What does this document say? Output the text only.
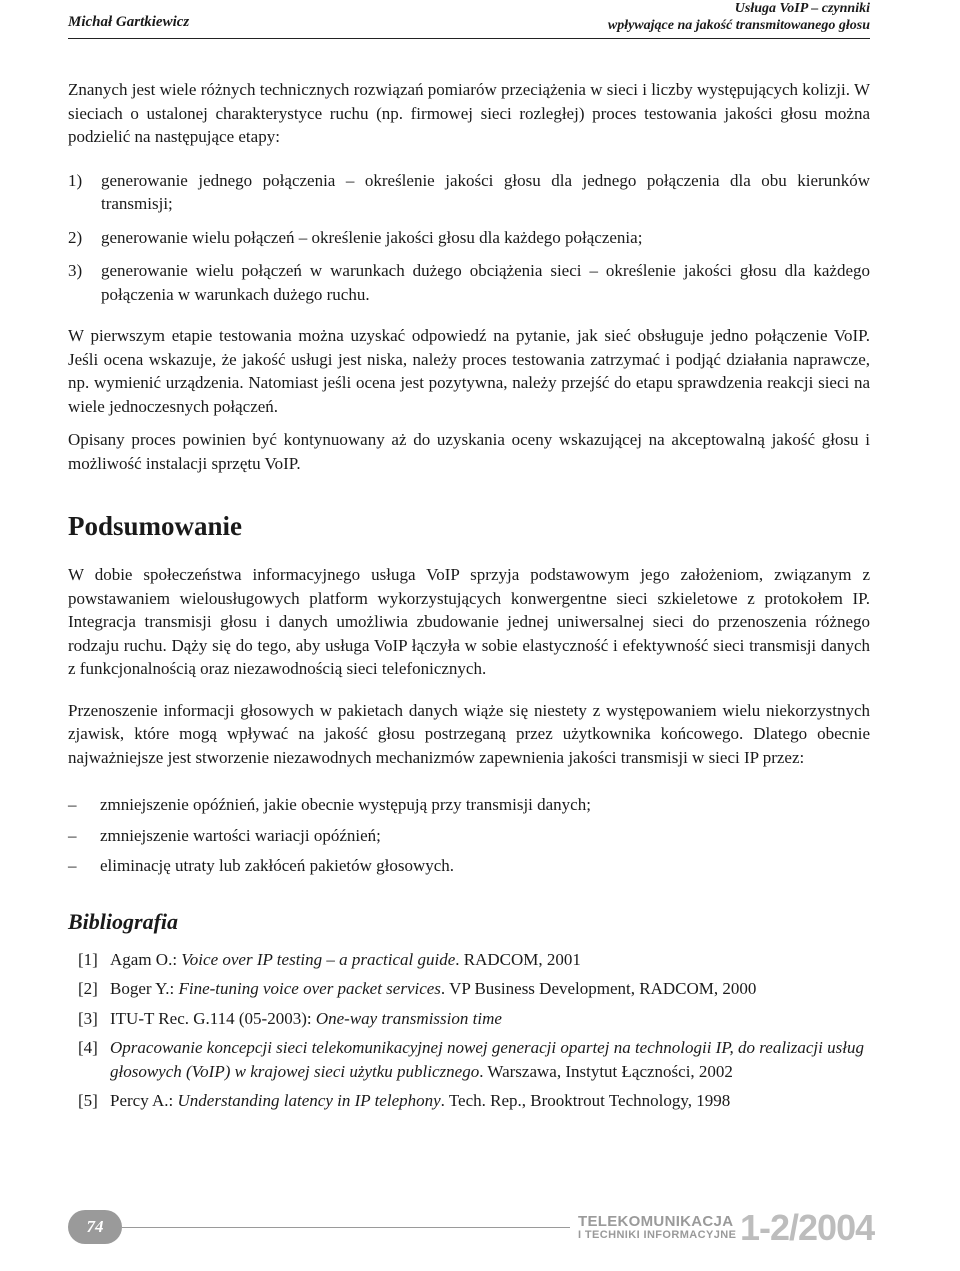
Michał Gartkiewicz
Usługa VoIP – czynniki
wpływające na jakość transmitowanego głosu

Znanych jest wiele różnych technicznych rozwiązań pomiarów przeciążenia w sieci i liczby występujących kolizji. W sieciach o ustalonej charakterystyce ruchu (np. firmowej sieci rozległej) proces testowania jakości głosu można podzielić na następujące etapy:

1)	generowanie jednego połączenia – określenie jakości głosu dla jednego połączenia dla obu kierunków transmisji;
2)	generowanie wielu połączeń – określenie jakości głosu dla każdego połączenia;
3)	generowanie wielu połączeń w warunkach dużego obciążenia sieci – określenie jakości głosu dla każdego połączenia w warunkach dużego ruchu.

W pierwszym etapie testowania można uzyskać odpowiedź na pytanie, jak sieć obsługuje jedno połączenie VoIP. Jeśli ocena wskazuje, że jakość usługi jest niska, należy proces testowania zatrzymać i podjąć działania naprawcze, np. wymienić urządzenia. Natomiast jeśli ocena jest pozytywna, należy przejść do etapu sprawdzenia reakcji sieci na wiele jednoczesnych połączeń.

Opisany proces powinien być kontynuowany aż do uzyskania oceny wskazującej na akceptowalną jakość głosu i możliwość instalacji sprzętu VoIP.

Podsumowanie

W dobie społeczeństwa informacyjnego usługa VoIP sprzyja podstawowym jego założeniom, związanym z powstawaniem wielousługowych platform wykorzystujących konwergentne sieci szkieletowe z protokołem IP. Integracja transmisji głosu i danych umożliwia zbudowanie jednej uniwersalnej sieci do przenoszenia różnego rodzaju ruchu. Dąży się do tego, aby usługa VoIP łączyła w sobie elastyczność i efektywność sieci transmisji danych z funkcjonalnością oraz niezawodnością sieci telefonicznych.

Przenoszenie informacji głosowych w pakietach danych wiąże się niestety z występowaniem wielu niekorzystnych zjawisk, które mogą wpływać na jakość głosu postrzeganą przez użytkownika końcowego. Dlatego obecnie najważniejsze jest stworzenie niezawodnych mechanizmów zapewnienia jakości transmisji w sieci IP przez:

–	zmniejszenie opóźnień, jakie obecnie występują przy transmisji danych;
–	zmniejszenie wartości wariacji opóźnień;
–	eliminację utraty lub zakłóceń pakietów głosowych.
Bibliografia
[1] Agam O.: Voice over IP testing – a practical guide. RADCOM, 2001
[2] Boger Y.: Fine-tuning voice over packet services. VP Business Development, RADCOM, 2000
[3] ITU-T Rec. G.114 (05-2003): One-way transmission time
[4] Opracowanie koncepcji sieci telekomunikacyjnej nowej generacji opartej na technologii IP, do realizacji usług głosowych (VoIP) w krajowej sieci użytku publicznego. Warszawa, Instytut Łączności, 2002
[5] Percy A.: Understanding latency in IP telephony. Tech. Rep., Brooktrout Technology, 1998
74	TELEKOMUNIKACJA
I TECHNIKI INFORMACYJNE 1-2/2004
